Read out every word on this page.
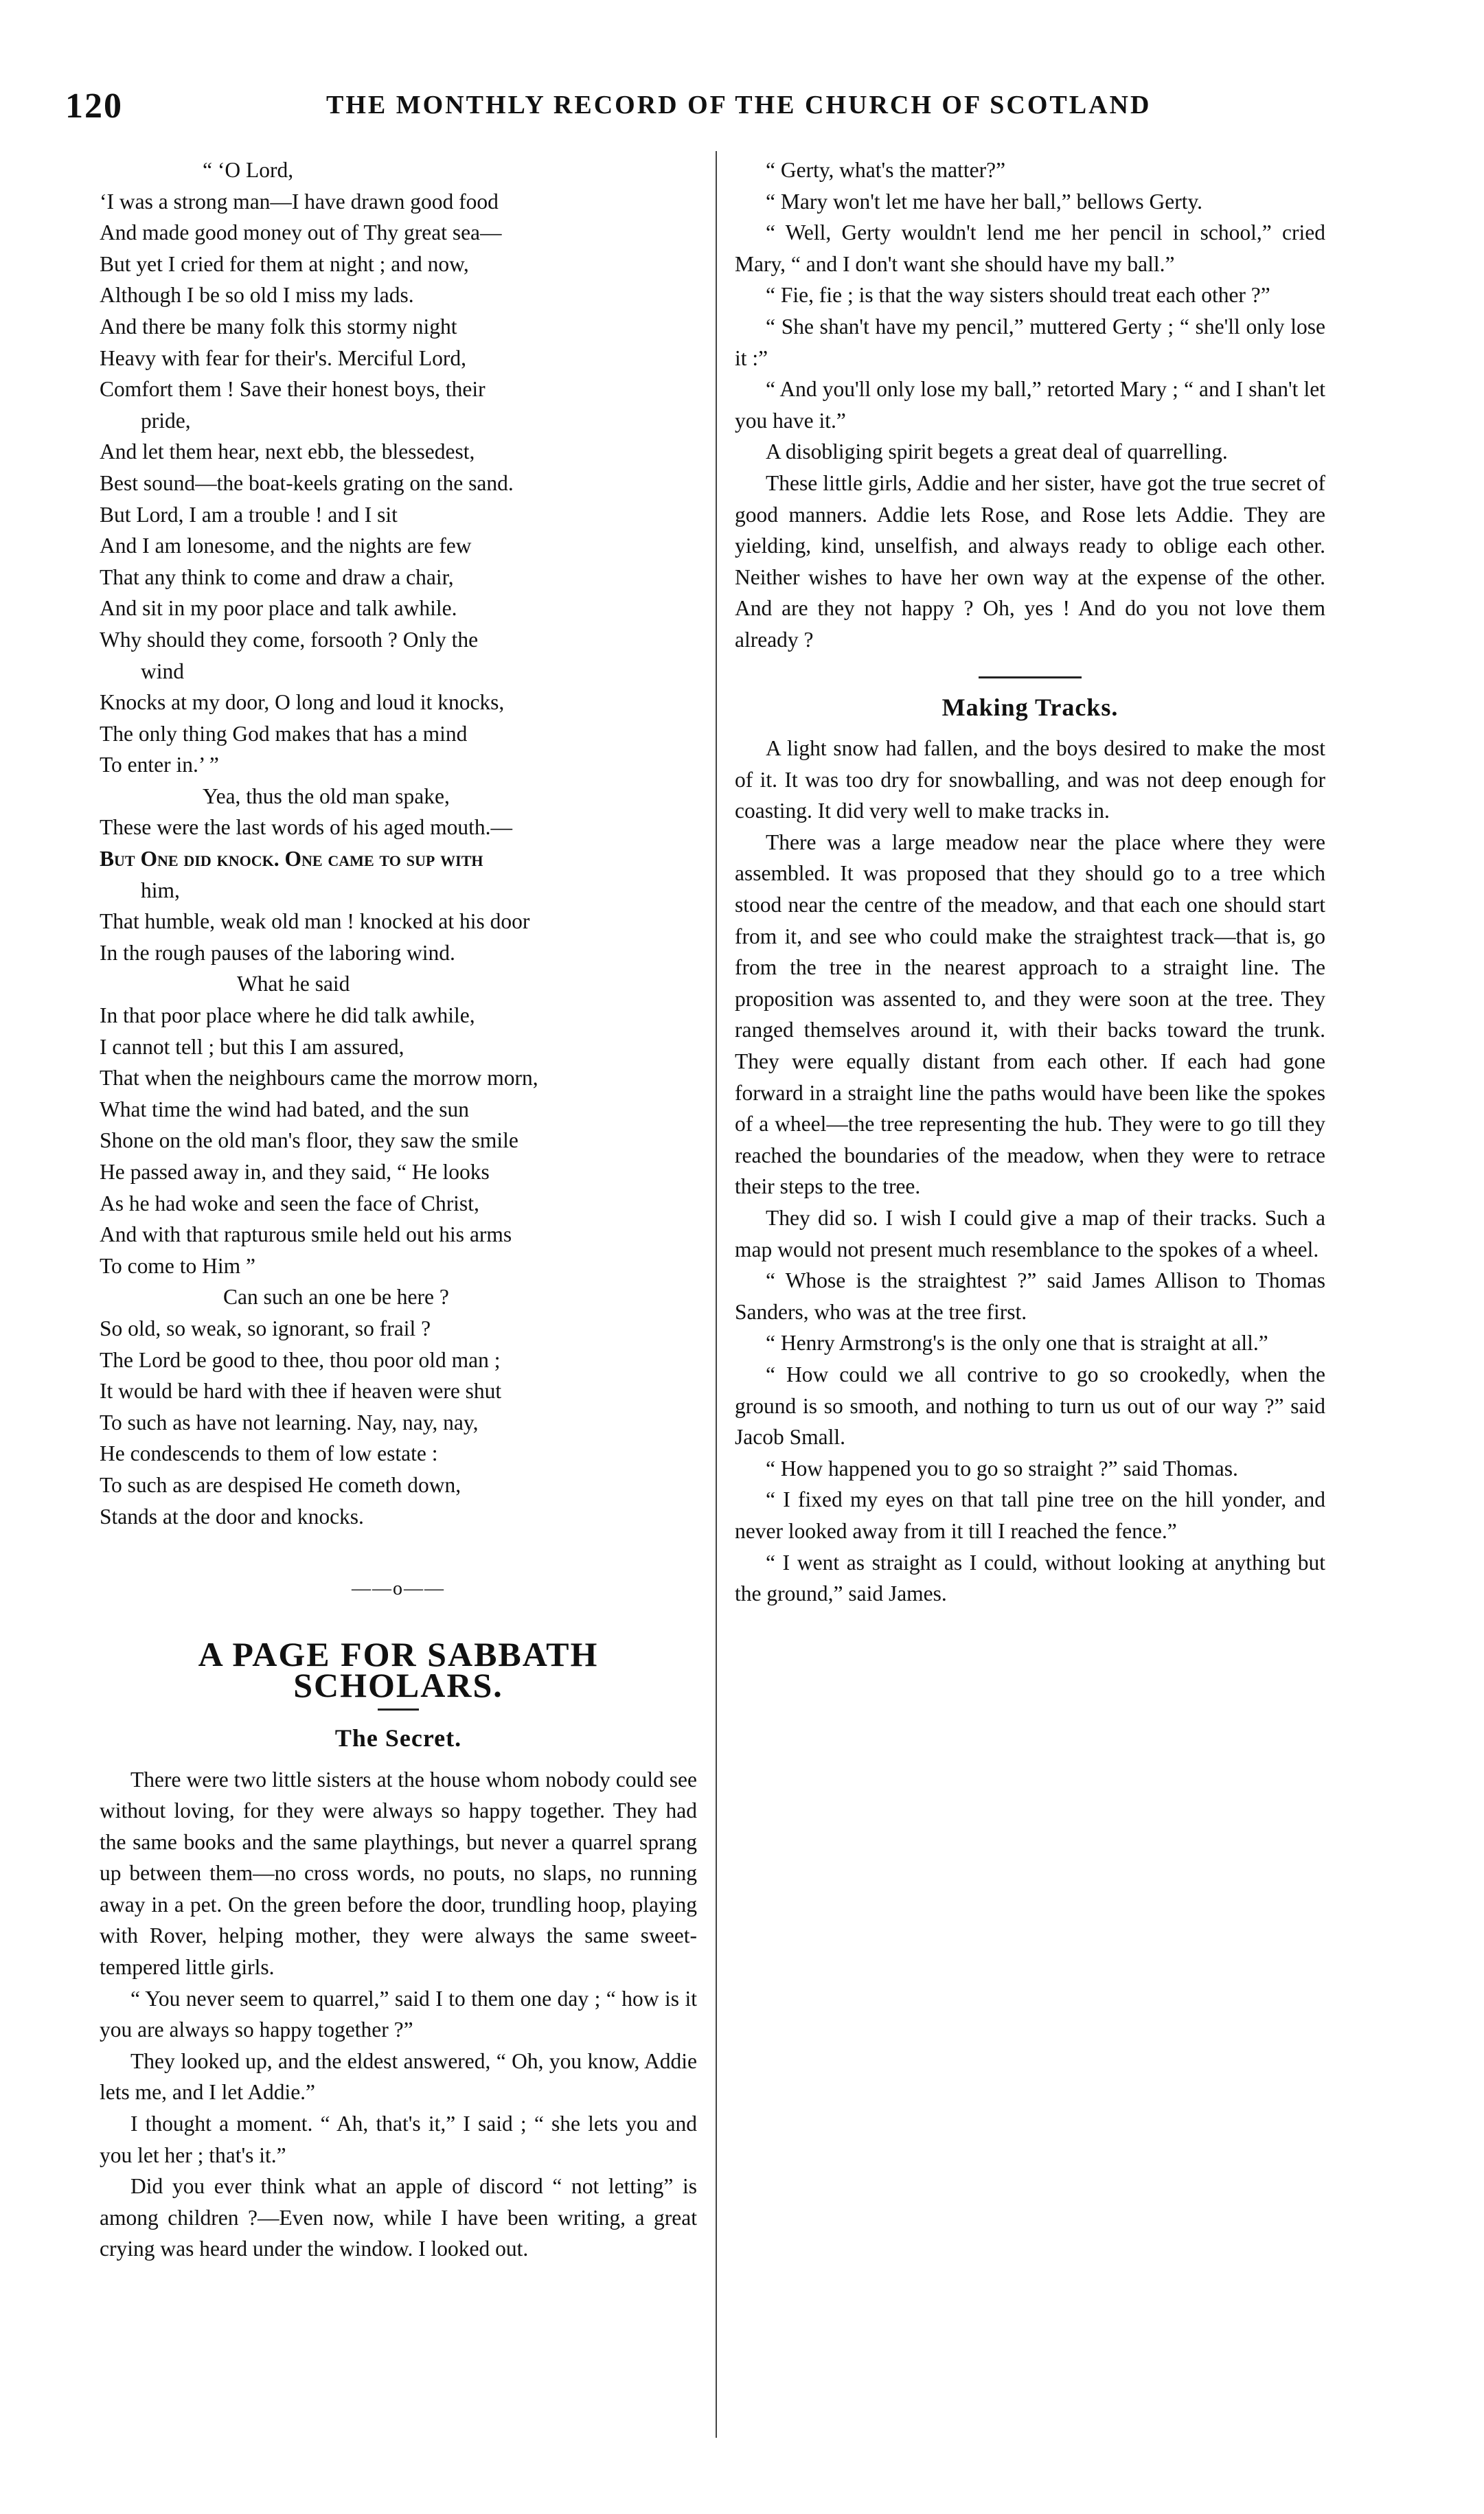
120	THE MONTHLY RECORD OF THE CHURCH OF SCOTLAND
“ ‘O Lord,
‘I was a strong man—I have drawn good food
And made good money out of Thy great sea—
But yet I cried for them at night ; and now,
Although I be so old I miss my lads.
And there be many folk this stormy night
Heavy with fear for their's. Merciful Lord,
Comfort them ! Save their honest boys, their
pride,
And let them hear, next ebb, the blessedest,
Best sound—the boat-keels grating on the sand.
But Lord, I am a trouble ! and I sit
And I am lonesome, and the nights are few
That any think to come and draw a chair,
And sit in my poor place and talk awhile.
Why should they come, forsooth ? Only the
wind
Knocks at my door, O long and loud it knocks,
The only thing God makes that has a mind
To enter in.’ ”
Yea, thus the old man spake,
These were the last words of his aged mouth.—
But One did knock. One came to sup with
him,
That humble, weak old man ! knocked at his door
In the rough pauses of the laboring wind.
What he said
In that poor place where he did talk awhile,
I cannot tell ; but this I am assured,
That when the neighbours came the morrow morn,
What time the wind had bated, and the sun
Shone on the old man's floor, they saw the smile
He passed away in, and they said, “ He looks
As he had woke and seen the face of Christ,
And with that rapturous smile held out his arms
To come to Him ”
Can such an one be here ?
So old, so weak, so ignorant, so frail ?
The Lord be good to thee, thou poor old man ;
It would be hard with thee if heaven were shut
To such as have not learning. Nay, nay, nay,
He condescends to them of low estate :
To such as are despised He cometh down,
Stands at the door and knocks.
——o——
A PAGE FOR SABBATH SCHOLARS.
The Secret.

There were two little sisters at the house whom nobody could see without loving, for they were always so happy together. They had the same books and the same playthings, but never a quarrel sprang up between them—no cross words, no pouts, no slaps, no running away in a pet. On the green before the door, trundling hoop, playing with Rover, helping mother, they were always the same sweet-tempered little girls.

“ You never seem to quarrel,” said I to them one day ; “ how is it you are always so happy together ?”

They looked up, and the eldest answered, “ Oh, you know, Addie lets me, and I let Addie.”

I thought a moment. “ Ah, that's it,” I said ; “ she lets you and you let her ; that's it.”

Did you ever think what an apple of discord “ not letting” is among children ?—Even now, while I have been writing, a great crying was heard under the window. I looked out.

“ Gerty, what's the matter?”

“ Mary won't let me have her ball,” bellows Gerty.

“ Well, Gerty wouldn't lend me her pencil in school,” cried Mary, “ and I don't want she should have my ball.”

“ Fie, fie ; is that the way sisters should treat each other ?”

“ She shan't have my pencil,” muttered Gerty ; “ she'll only lose it :”

“ And you'll only lose my ball,” retorted Mary ; “ and I shan't let you have it.”

A disobliging spirit begets a great deal of quarrelling.

These little girls, Addie and her sister, have got the true secret of good manners. Addie lets Rose, and Rose lets Addie. They are yielding, kind, unselfish, and always ready to oblige each other. Neither wishes to have her own way at the expense of the other. And are they not happy ? Oh, yes ! And do you not love them already ?

Making Tracks.

A light snow had fallen, and the boys desired to make the most of it. It was too dry for snowballing, and was not deep enough for coasting. It did very well to make tracks in.

There was a large meadow near the place where they were assembled. It was proposed that they should go to a tree which stood near the centre of the meadow, and that each one should start from it, and see who could make the straightest track—that is, go from the tree in the nearest approach to a straight line. The proposition was assented to, and they were soon at the tree. They ranged themselves around it, with their backs toward the trunk. They were equally distant from each other. If each had gone forward in a straight line the paths would have been like the spokes of a wheel—the tree representing the hub. They were to go till they reached the boundaries of the meadow, when they were to retrace their steps to the tree.

They did so. I wish I could give a map of their tracks. Such a map would not present much resemblance to the spokes of a wheel.

“ Whose is the straightest ?” said James Allison to Thomas Sanders, who was at the tree first.

“ Henry Armstrong's is the only one that is straight at all.”

“ How could we all contrive to go so crookedly, when the ground is so smooth, and nothing to turn us out of our way ?” said Jacob Small.

“ How happened you to go so straight ?” said Thomas.

“ I fixed my eyes on that tall pine tree on the hill yonder, and never looked away from it till I reached the fence.”

“ I went as straight as I could, without looking at anything but the ground,” said James.
